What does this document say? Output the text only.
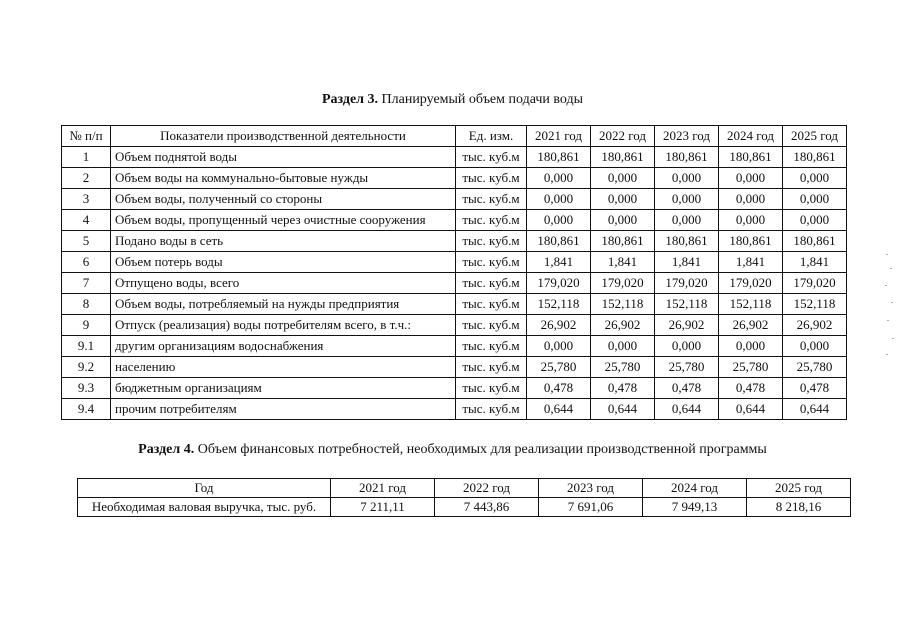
Раздел 3. Планируемый объем подачи воды
№ п/п	Показатели производственной деятельности	Ед. изм.	2021 год	2022 год	2023 год	2024 год	2025 год
1	Объем поднятой воды	тыс. куб.м	180,861	180,861	180,861	180,861	180,861
2	Объем воды на коммунально-бытовые нужды	тыс. куб.м	0,000	0,000	0,000	0,000	0,000
3	Объем воды, полученный со стороны	тыс. куб.м	0,000	0,000	0,000	0,000	0,000
4	Объем воды, пропущенный через очистные сооружения	тыс. куб.м	0,000	0,000	0,000	0,000	0,000
5	Подано воды в сеть	тыс. куб.м	180,861	180,861	180,861	180,861	180,861
6	Объем потерь воды	тыс. куб.м	1,841	1,841	1,841	1,841	1,841
7	Отпущено воды, всего	тыс. куб.м	179,020	179,020	179,020	179,020	179,020
8	Объем воды, потребляемый на нужды предприятия	тыс. куб.м	152,118	152,118	152,118	152,118	152,118
9	Отпуск (реализация) воды потребителям всего, в т.ч.:	тыс. куб.м	26,902	26,902	26,902	26,902	26,902
9.1	другим организациям водоснабжения	тыс. куб.м	0,000	0,000	0,000	0,000	0,000
9.2	населению	тыс. куб.м	25,780	25,780	25,780	25,780	25,780
9.3	бюджетным организациям	тыс. куб.м	0,478	0,478	0,478	0,478	0,478
9.4	прочим потребителям	тыс. куб.м	0,644	0,644	0,644	0,644	0,644
Раздел 4. Объем финансовых потребностей, необходимых для реализации производственной программы
Год	2021 год	2022 год	2023 год	2024 год	2025 год
Необходимая валовая выручка, тыс. руб.	7 211,11	7 443,86	7 691,06	7 949,13	8 218,16
